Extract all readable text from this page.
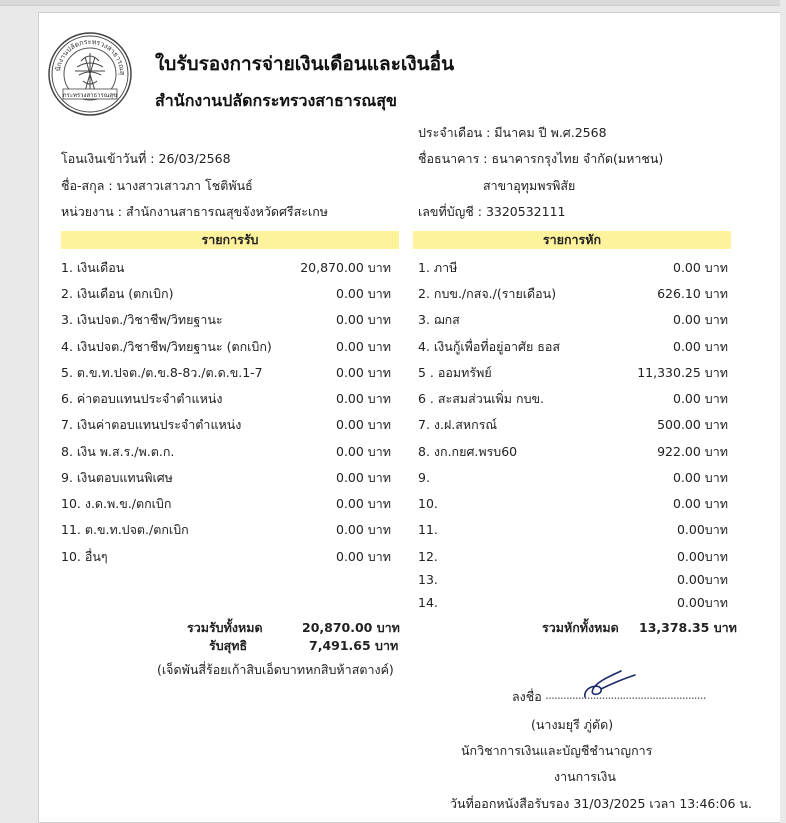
นักงานปลัดกระทรวงสาธารณสุ
กระทรวงสาธารณสุข
ใบรับรองการจ่ายเงินเดือนและเงินอื่น
สำนักงานปลัดกระทรวงสาธารณสุข
ประจำเดือน : มีนาคม ปี พ.ศ.2568
โอนเงินเข้าวันที่ : 26/03/2568	ชื่อธนาคาร : ธนาคารกรุงไทย จำกัด(มหาชน)
ชื่อ-สกุล : นางสาวเสาวภา โชติพันธ์	สาขาอุทุมพรพิสัย
หน่วยงาน : สำนักงานสาธารณสุขจังหวัดศรีสะเกษ	เลขที่บัญชี : 3320532111
รายการรับ	รายการหัก
1. เงินเดือน	20,870.00 บาท
2. เงินเดือน (ตกเบิก)	0.00 บาท
3. เงินปจต./วิชาชีพ/วิทยฐานะ	0.00 บาท
4. เงินปจต./วิชาชีพ/วิทยฐานะ (ตกเบิก)	0.00 บาท
5. ต.ข.ท.ปจต./ต.ข.8-8ว./ต.ด.ข.1-7	0.00 บาท
6. ค่าตอบแทนประจำตำแหน่ง	0.00 บาท
7. เงินค่าตอบแทนประจำตำแหน่ง	0.00 บาท
8. เงิน พ.ส.ร./พ.ต.ก.	0.00 บาท
9. เงินตอบแทนพิเศษ	0.00 บาท
10. ง.ด.พ.ข./ตกเบิก	0.00 บาท
11. ต.ข.ท.ปจต./ตกเบิก	0.00 บาท
10. อื่นๆ	0.00 บาท
1. ภาษี	0.00 บาท
2. กบข./กสจ./(รายเดือน)	626.10 บาท
3. ฌกส	0.00 บาท
4. เงินกู้เพื่อที่อยู่อาศัย ธอส	0.00 บาท
5 . ออมทรัพย์	11,330.25 บาท
6 . สะสมส่วนเพิ่ม กบข.	0.00 บาท
7. ง.ฝ.สหกรณ์	500.00 บาท
8. งก.กยศ.พรบ60	922.00 บาท
9.	0.00 บาท
10.	0.00 บาท
11.	0.00บาท
12.	0.00บาท
13.	0.00บาท
14.	0.00บาท
รวมรับทั้งหมด	20,870.00 บาท	รวมหักทั้งหมด 13,378.35 บาท
รับสุทธิ	7,491.65 บาท
(เจ็ดพันสี่ร้อยเก้าสิบเอ็ดบาทหกสิบห้าสตางค์)
ลงชื่อ ......................................................
(นางมยุรี ภู่ดัด)
นักวิชาการเงินและบัญชีชำนาญการ
งานการเงิน
วันที่ออกหนังสือรับรอง 31/03/2025 เวลา 13:46:06 น.
